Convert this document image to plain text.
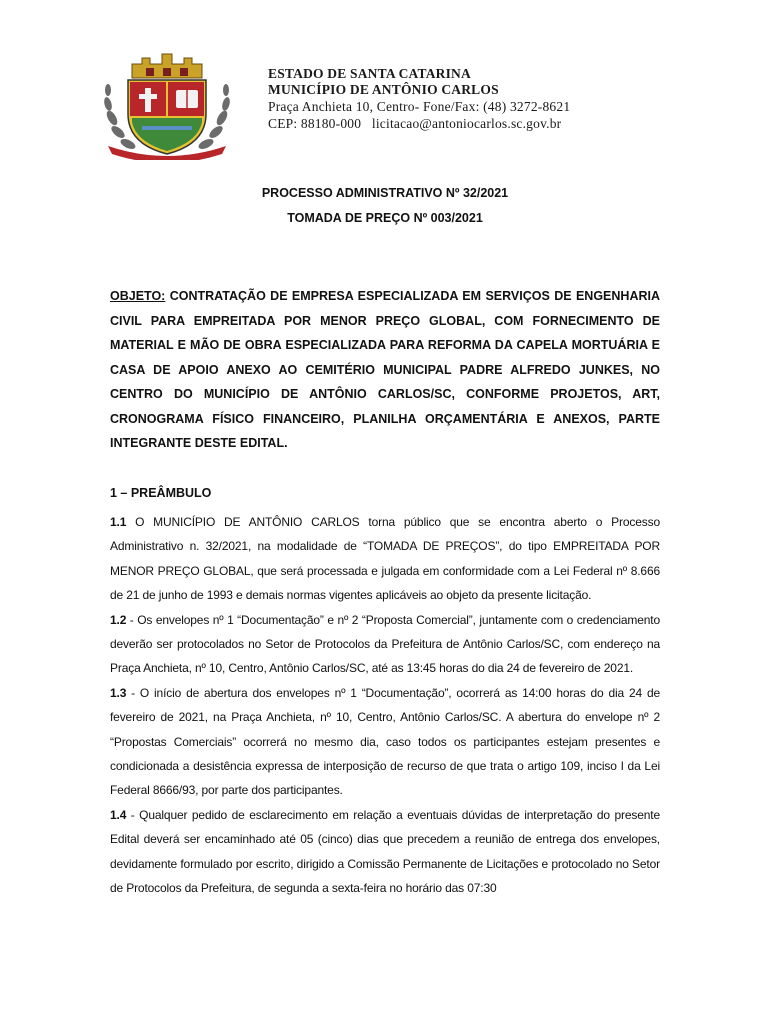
ESTADO DE SANTA CATARINA
MUNICÍPIO DE ANTÔNIO CARLOS
Praça Anchieta 10, Centro- Fone/Fax: (48) 3272-8621
CEP: 88180-000   licitacao@antoniocarlos.sc.gov.br
PROCESSO ADMINISTRATIVO Nº 32/2021
TOMADA DE PREÇO Nº 003/2021

OBJETO: CONTRATAÇÃO DE EMPRESA ESPECIALIZADA EM SERVIÇOS DE ENGENHARIA CIVIL PARA EMPREITADA POR MENOR PREÇO GLOBAL, COM FORNECIMENTO DE MATERIAL E MÃO DE OBRA ESPECIALIZADA PARA REFORMA DA CAPELA MORTUÁRIA E CASA DE APOIO ANEXO AO CEMITÉRIO MUNICIPAL PADRE ALFREDO JUNKES, NO CENTRO DO MUNICÍPIO DE ANTÔNIO CARLOS/SC, CONFORME PROJETOS, ART, CRONOGRAMA FÍSICO FINANCEIRO, PLANILHA ORÇAMENTÁRIA E ANEXOS, PARTE INTEGRANTE DESTE EDITAL.

1 – PREÂMBULO

1.1 O MUNICÍPIO DE ANTÔNIO CARLOS torna público que se encontra aberto o Processo Administrativo n. 32/2021, na modalidade de “TOMADA DE PREÇOS”, do tipo EMPREITADA POR MENOR PREÇO GLOBAL, que será processada e julgada em conformidade com a Lei Federal nº 8.666 de 21 de junho de 1993 e demais normas vigentes aplicáveis ao objeto da presente licitação.

1.2 - Os envelopes nº 1 “Documentação” e nº 2 “Proposta Comercial”, juntamente com o credenciamento deverão ser protocolados no Setor de Protocolos da Prefeitura de Antônio Carlos/SC, com endereço na Praça Anchieta, nº 10, Centro, Antônio Carlos/SC, até as 13:45 horas do dia 24 de fevereiro de 2021.

1.3 - O início de abertura dos envelopes nº 1 “Documentação”, ocorrerá as 14:00 horas do dia 24 de fevereiro de 2021, na Praça Anchieta, nº 10, Centro, Antônio Carlos/SC. A abertura do envelope nº 2 “Propostas Comerciais” ocorrerá no mesmo dia, caso todos os participantes estejam presentes e condicionada a desistência expressa de interposição de recurso de que trata o artigo 109, inciso I da Lei Federal 8666/93, por parte dos participantes.

1.4 - Qualquer pedido de esclarecimento em relação a eventuais dúvidas de interpretação do presente Edital deverá ser encaminhado até 05 (cinco) dias que precedem a reunião de entrega dos envelopes, devidamente formulado por escrito, dirigido a Comissão Permanente de Licitações e protocolado no Setor de Protocolos da Prefeitura, de segunda a sexta-feira no horário das 07:30
